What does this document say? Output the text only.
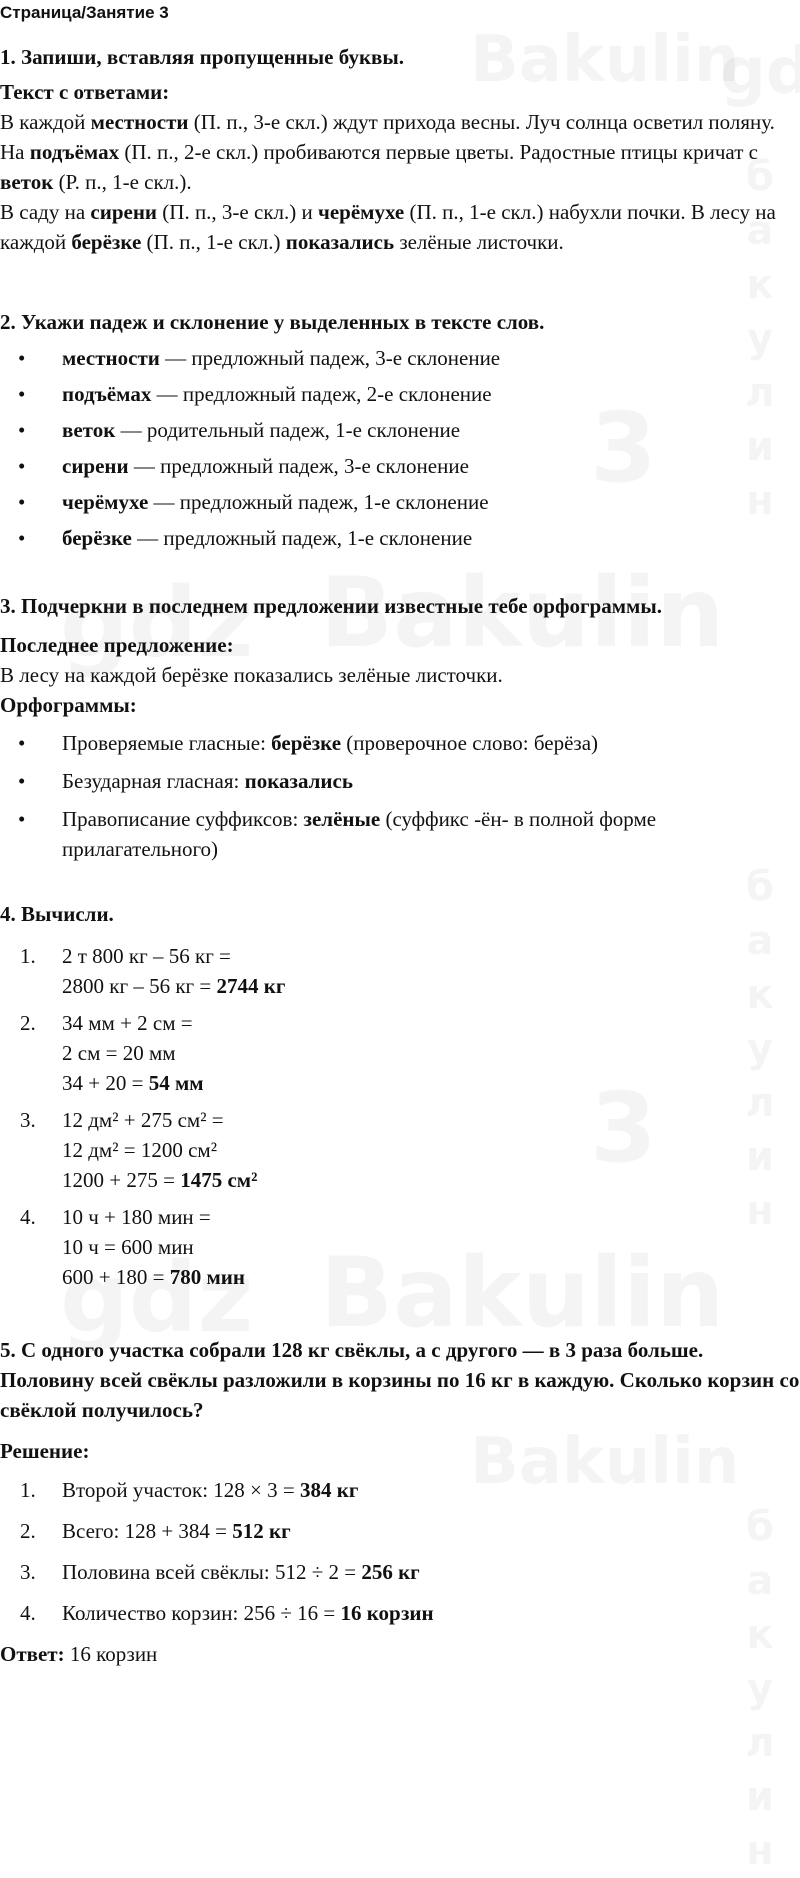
Страница/Занятие 3
1. Запиши, вставляя пропущенные буквы.
Текст с ответами:

В каждой местности (П. п., 3-е скл.) ждут прихода весны. Луч солнца осветил поляну. На подъёмах (П. п., 2-е скл.) пробиваются первые цветы. Радостные птицы кричат с веток (Р. п., 1-е скл.).

В саду на сирени (П. п., 3-е скл.) и черёмухе (П. п., 1-е скл.) набухли почки. В лесу на каждой берёзке (П. п., 1-е скл.) показались зелёные листочки.

2. Укажи падеж и склонение у выделенных в тексте слов.
• местности — предложный падеж, 3-е склонение
• подъёмах — предложный падеж, 2-е склонение
• веток — родительный падеж, 1-е склонение
• сирени — предложный падеж, 3-е склонение
• черёмухе — предложный падеж, 1-е склонение
• берёзке — предложный падеж, 1-е склонение
3. Подчеркни в последнем предложении известные тебе орфограммы.
Последнее предложение:

В лесу на каждой берёзке показались зелёные листочки.

Орфограммы:
• Проверяемые гласные: берёзке (проверочное слово: берёза)
• Безударная гласная: показались
• Правописание суффиксов: зелёные (суффикс -ён- в полной форме прилагательного)
4. Вычисли.
1. 2 т 800 кг – 56 кг =
2800 кг – 56 кг = 2744 кг
2. 34 мм + 2 см =
2 см = 20 мм
34 + 20 = 54 мм
3. 12 дм² + 275 см² =
12 дм² = 1200 см²
1200 + 275 = 1475 см²
4. 10 ч + 180 мин =
10 ч = 600 мин
600 + 180 = 780 мин
5. С одного участка собрали 128 кг свёклы, а с другого — в 3 раза больше. Половину всей свёклы разложили в корзины по 16 кг в каждую. Сколько корзин со свёклой получилось?
Решение:
1. Второй участок: 128 × 3 = 384 кг
2. Всего: 128 + 384 = 512 кг
3. Половина всей свёклы: 512 ÷ 2 = 256 кг
4. Количество корзин: 256 ÷ 16 = 16 корзин

Ответ: 16 корзин
